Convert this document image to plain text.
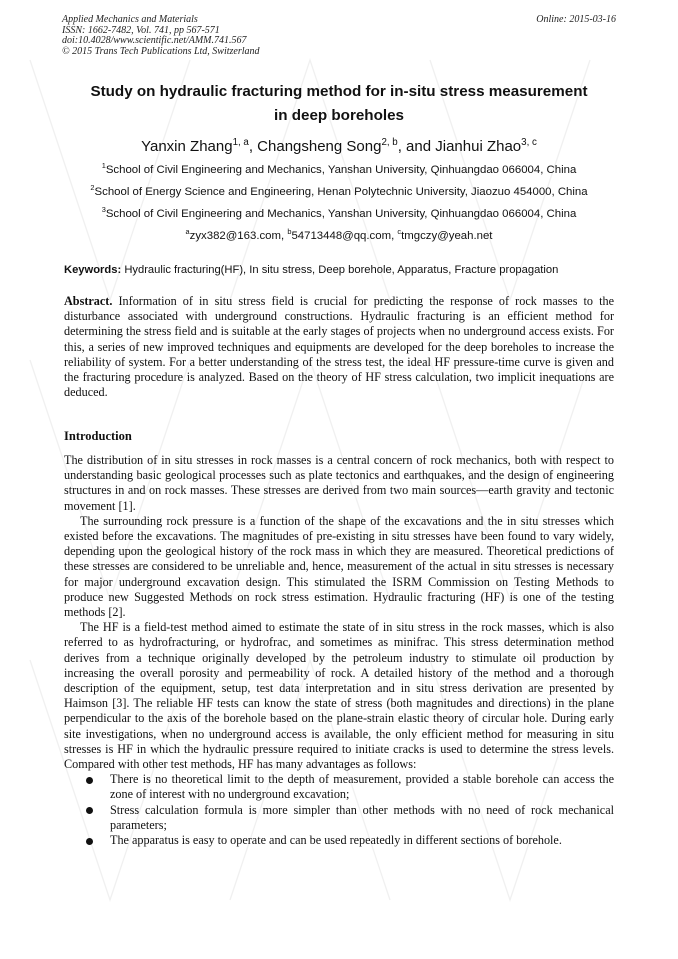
Applied Mechanics and Materials
ISSN: 1662-7482, Vol. 741, pp 567-571
doi:10.4028/www.scientific.net/AMM.741.567
© 2015 Trans Tech Publications Ltd, Switzerland
Online: 2015-03-16
Study on hydraulic fracturing method for in-situ stress measurement
in deep boreholes
Yanxin Zhang$^{1, a}$, Changsheng Song$^{2, b}$, and Jianhui Zhao$^{3, c}$
$^1$School of Civil Engineering and Mechanics, Yanshan University, Qinhuangdao 066004, China
$^2$School of Energy Science and Engineering, Henan Polytechnic University, Jiaozuo 454000, China
$^3$School of Civil Engineering and Mechanics, Yanshan University, Qinhuangdao 066004, China
$^a$zyx382@163.com, $^b$54713448@qq.com, $^c$tmgczy@yeah.net
Keywords: Hydraulic fracturing(HF), In situ stress, Deep borehole, Apparatus, Fracture propagation

Abstract. Information of in situ stress field is crucial for predicting the response of rock masses to the disturbance associated with underground constructions. Hydraulic fracturing is an efficient method for determining the stress field and is suitable at the early stages of projects when no underground access exists. For this, a series of new improved techniques and equipments are developed for the deep boreholes to increase the reliability of system. For a better understanding of the stress test, the ideal HF pressure-time curve is given and the fracturing procedure is analyzed. Based on the theory of HF stress calculation, two implicit inequations are deduced.

Introduction

The distribution of in situ stresses in rock masses is a central concern of rock mechanics, both with respect to understanding basic geological processes such as plate tectonics and earthquakes, and the design of engineering structures in and on rock masses. These stresses are derived from two main sources—earth gravity and tectonic movement [1].

The surrounding rock pressure is a function of the shape of the excavations and the in situ stresses which existed before the excavations. The magnitudes of pre-existing in situ stresses have been found to vary widely, depending upon the geological history of the rock mass in which they are measured. Theoretical predictions of these stresses are considered to be unreliable and, hence, measurement of the actual in situ stresses is necessary for major underground excavation design. This stimulated the ISRM Commission on Testing Methods to produce new Suggested Methods on rock stress estimation. Hydraulic fracturing (HF) is one of the testing methods [2].

The HF is a field-test method aimed to estimate the state of in situ stress in the rock masses, which is also referred to as hydrofracturing, or hydrofrac, and sometimes as minifrac. This stress determination method derives from a technique originally developed by the petroleum industry to stimulate oil production by increasing the overall porosity and permeability of rock. A detailed history of the method and a thorough description of the equipment, setup, test data interpretation and in situ stress derivation are presented by Haimson [3]. The reliable HF tests can know the state of stress (both magnitudes and directions) in the plane perpendicular to the axis of the borehole based on the plane-strain elastic theory of circular hole. During early site investigations, when no underground access is available, the only efficient method for measuring in situ stresses is HF in which the hydraulic pressure required to initiate cracks is used to determine the stress levels. Compared with other test methods, HF has many advantages as follows:

There is no theoretical limit to the depth of measurement, provided a stable borehole can access the zone of interest with no underground excavation;
Stress calculation formula is more simpler than other methods with no need of rock mechanical parameters;
The apparatus is easy to operate and can be used repeatedly in different sections of borehole.
